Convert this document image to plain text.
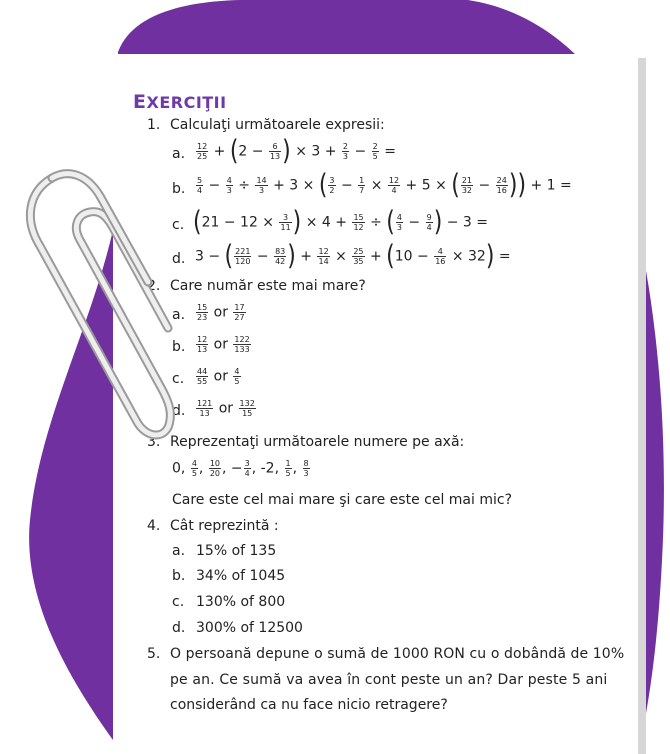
EXERCIŢII
1. Calculaţi următoarele expresii:
a. $\frac{12}{25} + (2 - \frac{6}{13}$ ) × $3 + \frac{2}{3} - \frac{2}{5}$ =
b. $\frac{5}{4} - \frac{4}{3} \div \frac{14}{3} + 3$ × ( $\frac{3}{2} - \frac{1}{7} \times \frac{12}{4} + 5$ × ( $\frac{21}{32} - \frac{24}{16}$ )) + 1 =
c. ($21 - 12 \times \frac{3}{11}$ ) × $4 + \frac{15}{12}$ ÷ ( $\frac{4}{3} - \frac{9}{4}$ ) − 3 =
d. 3 − ( $\frac{221}{120} - \frac{83}{42}$ ) + $\frac{12}{14} \times \frac{25}{35} + (10 - \frac{4}{16} \times 32)$ =
2. Care număr este mai mare?
a. $\frac{15}{23}$ or $\frac{17}{27}$
b. $\frac{12}{13}$ or $\frac{122}{133}$
c. $\frac{44}{55}$ or $\frac{4}{5}$
d. $\frac{121}{13}$ or $\frac{132}{15}$
3. Reprezentaţi următoarele numere pe axă:
0, $\frac{4}{5}$ , $\frac{10}{20}$ , − $\frac{3}{4}$ , -2, $\frac{1}{5}$ , $\frac{8}{3}$
Care este cel mai mare şi care este cel mai mic?
4. Cât reprezintă :
a. 15% of 135
b. 34% of 1045
c. 130% of 800
d. 300% of 12500
5. O persoană depune o sumă de 1000 RON cu o dobândă de 10%
pe an. Ce sumă va avea în cont peste un an? Dar peste 5 ani
considerând ca nu face nicio retragere?
